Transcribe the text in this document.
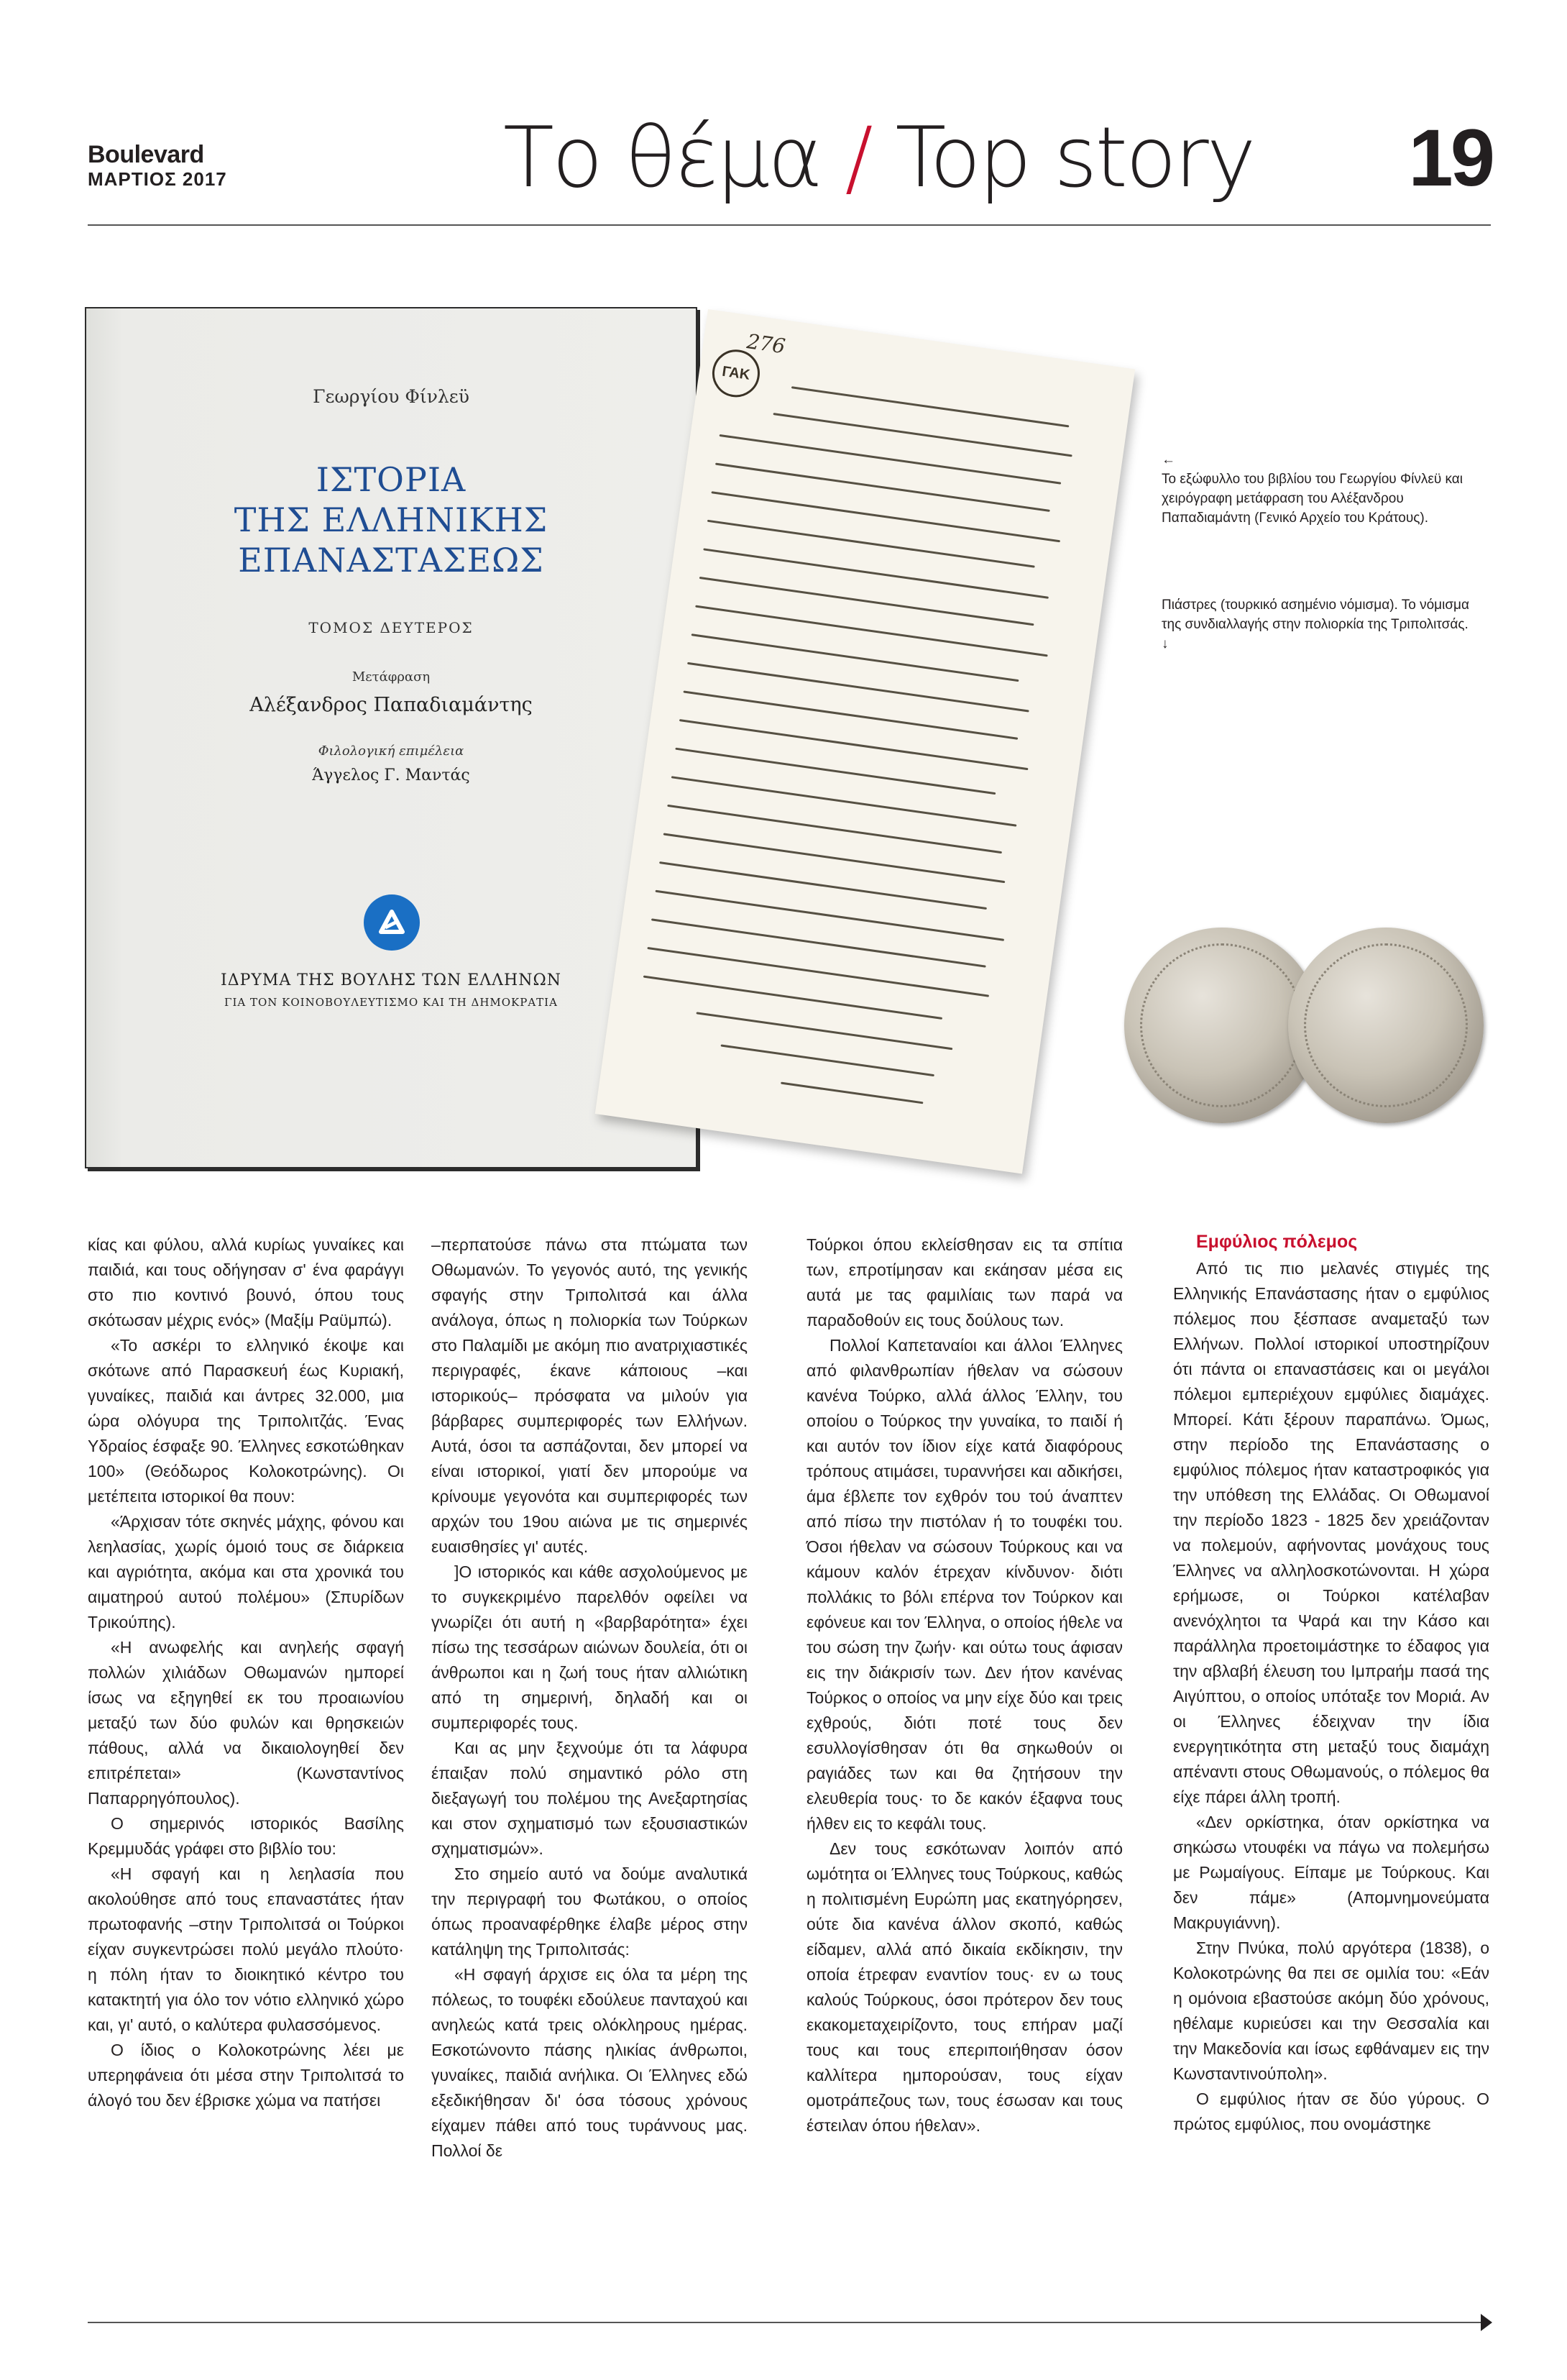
Boulevard
ΜΑΡΤΙΟΣ 2017	Το θέμα / Top story 19
Γεωργίου Φίνλεϋ
ΙΣΤΟΡΙΑ
ΤΗΣ ΕΛΛΗΝΙΚΗΣ
ΕΠΑΝΑΣΤΑΣΕΩΣ
ΤΟΜΟΣ ΔΕΥΤΕΡΟΣ
Μετάφραση
Αλέξανδρος Παπαδιαμάντης
Φιλολογική επιμέλεια
Άγγελος Γ. Μαντάς
ΙΔΡΥΜΑ ΤΗΣ ΒΟΥΛΗΣ ΤΩΝ ΕΛΛΗΝΩΝ
ΓΙΑ ΤΟΝ ΚΟΙΝΟΒΟΥΛΕΥΤΙΣΜΟ ΚΑΙ ΤΗ ΔΗΜΟΚΡΑΤΙΑ
276
ΓΑΚ
←
Το εξώφυλλο του βιβλίου του Γεωργίου Φίνλεϋ και χειρόγραφη μετάφραση του Αλέξανδρου Παπαδιαμάντη (Γενικό Αρχείο του Κράτους).
Πιάστρες (τουρκικό ασημένιο νόμισμα). Το νόμισμα της συνδιαλλαγής στην πολιορκία της Τριπολιτσάς.
↓

κίας και φύλου, αλλά κυρίως γυναίκες και παιδιά, και τους οδήγησαν σ' ένα φαράγγι στο πιο κοντινό βουνό, όπου τους σκότωσαν μέχρις ενός» (Μαξίμ Ραϋμπώ).

«Το ασκέρι το ελληνικό έκοψε και σκότωνε από Παρασκευή έως Κυριακή, γυναίκες, παιδιά και άντρες 32.000, μια ώρα ολόγυρα της Τριπολιτζάς. Ένας Υδραίος έσφαξε 90. Έλληνες εσκοτώθηκαν 100» (Θεόδωρος Κολοκοτρώνης). Οι μετέπειτα ιστορικοί θα πουν:

«Άρχισαν τότε σκηνές μάχης, φόνου και λεηλασίας, χωρίς όμοιό τους σε διάρκεια και αγριότητα, ακόμα και στα χρονικά του αιματηρού αυτού πολέμου» (Σπυρίδων Τρικούπης).

«Η ανωφελής και ανηλεής σφαγή πολλών χιλιάδων Οθωμανών ημπορεί ίσως να εξηγηθεί εκ του προαιωνίου μεταξύ των δύο φυλών και θρησκειών πάθους, αλλά να δικαιολογηθεί δεν επιτρέπεται» (Κωνσταντίνος Παπαρρηγόπουλος).

Ο σημερινός ιστορικός Βασίλης Κρεμμυδάς γράφει στο βιβλίο του:

«Η σφαγή και η λεηλασία που ακολούθησε από τους επαναστάτες ήταν πρωτοφανής –στην Τριπολιτσά οι Τούρκοι είχαν συγκεντρώσει πολύ μεγάλο πλούτο· η πόλη ήταν το διοικητικό κέντρο του κατακτητή για όλο τον νότιο ελληνικό χώρο και, γι' αυτό, ο καλύτερα φυλασσόμενος.

Ο ίδιος ο Κολοκοτρώνης λέει με υπερηφάνεια ότι μέσα στην Τριπολιτσά το άλογό του δεν έβρισκε χώμα να πατήσει

–περπατούσε πάνω στα πτώματα των Οθωμανών. Το γεγονός αυτό, της γενικής σφαγής στην Τριπολιτσά και άλλα ανάλογα, όπως η πολιορκία των Τούρκων στο Παλαμίδι με ακόμη πιο ανατριχιαστικές περιγραφές, έκανε κάποιους –και ιστορικούς– πρόσφατα να μιλούν για βάρβαρες συμπεριφορές των Ελλήνων. Αυτά, όσοι τα ασπάζονται, δεν μπορεί να είναι ιστορικοί, γιατί δεν μπορούμε να κρίνουμε γεγονότα και συμπεριφορές των αρχών του 19ου αιώνα με τις σημερινές ευαισθησίες γι' αυτές.

]Ο ιστορικός και κάθε ασχολούμενος με το συγκεκριμένο παρελθόν οφείλει να γνωρίζει ότι αυτή η «βαρβαρότητα» έχει πίσω της τεσσάρων αιώνων δουλεία, ότι οι άνθρωποι και η ζωή τους ήταν αλλιώτικη από τη σημερινή, δηλαδή και οι συμπεριφορές τους.

Και ας μην ξεχνούμε ότι τα λάφυρα έπαιξαν πολύ σημαντικό ρόλο στη διεξαγωγή του πολέμου της Ανεξαρτησίας και στον σχηματισμό των εξουσιαστικών σχηματισμών».

Στο σημείο αυτό να δούμε αναλυτικά την περιγραφή του Φωτάκου, ο οποίος όπως προαναφέρθηκε έλαβε μέρος στην κατάληψη της Τριπολιτσάς:

«Η σφαγή άρχισε εις όλα τα μέρη της πόλεως, το τουφέκι εδούλευε πανταχού και ανηλεώς κατά τρεις ολόκληρους ημέρας. Εσκοτώνοντο πάσης ηλικίας άνθρωποι, γυναίκες, παιδιά ανήλικα. Οι Έλληνες εδώ εξεδικήθησαν δι' όσα τόσους χρόνους είχαμεν πάθει από τους τυράννους μας. Πολλοί δε

Τούρκοι όπου εκλείσθησαν εις τα σπίτια των, επροτίμησαν και εκάησαν μέσα εις αυτά με τας φαμιλίαις των παρά να παραδοθούν εις τους δούλους των.

Πολλοί Καπεταναίοι και άλλοι Έλληνες από φιλανθρωπίαν ήθελαν να σώσουν κανένα Τούρκο, αλλά άλλος Έλλην, του οποίου ο Τούρκος την γυναίκα, το παιδί ή και αυτόν τον ίδιον είχε κατά διαφόρους τρόπους ατιμάσει, τυραννήσει και αδικήσει, άμα έβλεπε τον εχθρόν του τού άναπτεν από πίσω την πιστόλαν ή το τουφέκι του. Όσοι ήθελαν να σώσουν Τούρκους και να κάμουν καλόν έτρεχαν κίνδυνον· διότι πολλάκις το βόλι επέρνα τον Τούρκον και εφόνευε και τον Έλληνα, ο οποίος ήθελε να του σώση την ζωήν· και ούτω τους άφισαν εις την διάκρισίν των. Δεν ήτον κανένας Τούρκος ο οποίος να μην είχε δύο και τρεις εχθρούς, διότι ποτέ τους δεν εσυλλογίσθησαν ότι θα σηκωθούν οι ραγιάδες των και θα ζητήσουν την ελευθερία τους· το δε κακόν έξαφνα τους ήλθεν εις το κεφάλι τους.

Δεν τους εσκότωναν λοιπόν από ωμότητα οι Έλληνες τους Τούρκους, καθώς η πολιτισμένη Ευρώπη μας εκατηγόρησεν, ούτε δια κανένα άλλον σκοπό, καθώς είδαμεν, αλλά από δικαία εκδίκησιν, την οποία έτρεφαν εναντίον τους· εν ω τους καλούς Τούρκους, όσοι πρότερον δεν τους εκακομεταχειρίζοντο, τους επήραν μαζί τους και τους επεριποιήθησαν όσον καλλίτερα ημπορούσαν, τους είχαν ομοτράπεζους των, τους έσωσαν και τους έστειλαν όπου ήθελαν».

Εμφύλιος πόλεμος

Από τις πιο μελανές στιγμές της Ελληνικής Επανάστασης ήταν ο εμφύλιος πόλεμος που ξέσπασε αναμεταξύ των Ελλήνων. Πολλοί ιστορικοί υποστηρίζουν ότι πάντα οι επαναστάσεις και οι μεγάλοι πόλεμοι εμπεριέχουν εμφύλιες διαμάχες. Μπορεί. Κάτι ξέρουν παραπάνω. Όμως, στην περίοδο της Επανάστασης ο εμφύλιος πόλεμος ήταν καταστροφικός για την υπόθεση της Ελλάδας. Οι Οθωμανοί την περίοδο 1823 - 1825 δεν χρειάζονταν να πολεμούν, αφήνοντας μονάχους τους Έλληνες να αλληλοσκοτώνονται. Η χώρα ερήμωσε, οι Τούρκοι κατέλαβαν ανενόχλητοι τα Ψαρά και την Κάσο και παράλληλα προετοιμάστηκε το έδαφος για την αβλαβή έλευση του Ιμπραήμ πασά της Αιγύπτου, ο οποίος υπόταξε τον Μοριά. Αν οι Έλληνες έδειχναν την ίδια ενεργητικότητα στη μεταξύ τους διαμάχη απέναντι στους Οθωμανούς, ο πόλεμος θα είχε πάρει άλλη τροπή.

«Δεν ορκίστηκα, όταν ορκίστηκα να σηκώσω ντουφέκι να πάγω να πολεμήσω με Ρωμαίγους. Είπαμε με Τούρκους. Και δεν πάμε» (Απομνημονεύματα Μακρυγιάννη).

Στην Πνύκα, πολύ αργότερα (1838), ο Κολοκοτρώνης θα πει σε ομιλία του: «Εάν η ομόνοια εβαστούσε ακόμη δύο χρόνους, ηθέλαμε κυριεύσει και την Θεσσαλία και την Μακεδονία και ίσως εφθάναμεν εις την Κωνσταντινούπολη».

Ο εμφύλιος ήταν σε δύο γύρους. Ο πρώτος εμφύλιος, που ονομάστηκε
